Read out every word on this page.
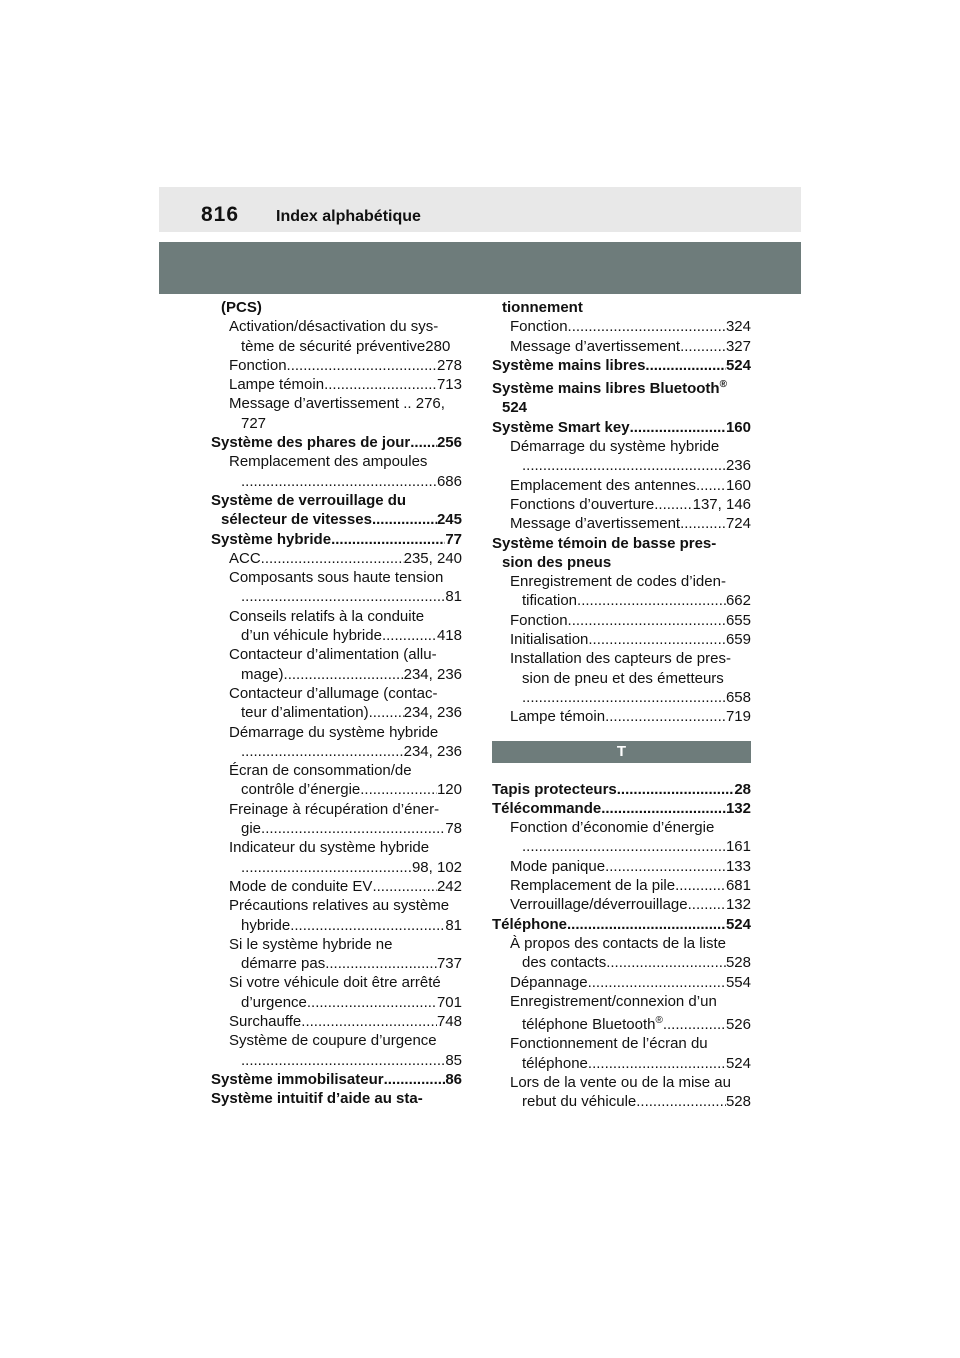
816 Index alphabétique
(PCS)
Activation/désactivation du sys-
tème de sécurité préventive280
Fonction .....	278
Lampe témoin .....	713
Message d’avertissement .. 276,
727
Système des phares de jour ..... 256
Remplacement des ampoules
.....
686
Système de verrouillage du
sélecteur de vitesses .....	245
Système hybride .....	77
ACC .....	235, 240
Composants sous haute tension
.....
81
Conseils relatifs à la conduite
d’un véhicule hybride .....	418
Contacteur d’alimentation (allu-
mage) .....	234, 236
Contacteur d’allumage (contac-
teur d’alimentation) ..... 234, 236
Démarrage du système hybride
.....
234, 236
Écran de consommation/de
contrôle d’énergie .....	120
Freinage à récupération d’éner-
gie .....	78
Indicateur du système hybride
.....
98, 102
Mode de conduite EV .....	242
Précautions relatives au système
hybride .....	81
Si le système hybride ne
démarre pas .....	737
Si votre véhicule doit être arrêté
d’urgence .....	701
Surchauffe .....	748
Système de coupure d’urgence
.....
85
Système immobilisateur .....	86
Système intuitif d’aide au sta-
tionnement
Fonction .....	324
Message d’avertissement .....	327
Système mains libres .....	524
Système mains libres Bluetooth®
524
Système Smart key .....	160
Démarrage du système hybride
.....
236
Emplacement des antennes ..... 160
Fonctions d’ouverture .....	137, 146
Message d’avertissement .....	724
Système témoin de basse pres-
sion des pneus
Enregistrement de codes d’iden-
tification .....	662
Fonction .....	655
Initialisation .....	659
Installation des capteurs de pres-
sion de pneu et des émetteurs
.....
658
Lampe témoin .....	719
T
Tapis protecteurs .....	28
Télécommande .....	132
Fonction d’économie d’énergie
.....
161
Mode panique .....	133
Remplacement de la pile .....	681
Verrouillage/déverrouillage .....	132
Téléphone .....	524
À propos des contacts de la liste
des contacts .....	528
Dépannage .....	554
Enregistrement/connexion d’un
téléphone Bluetooth® .....	526
Fonctionnement de l’écran du
téléphone .....	524
Lors de la vente ou de la mise au
rebut du véhicule .....	528
